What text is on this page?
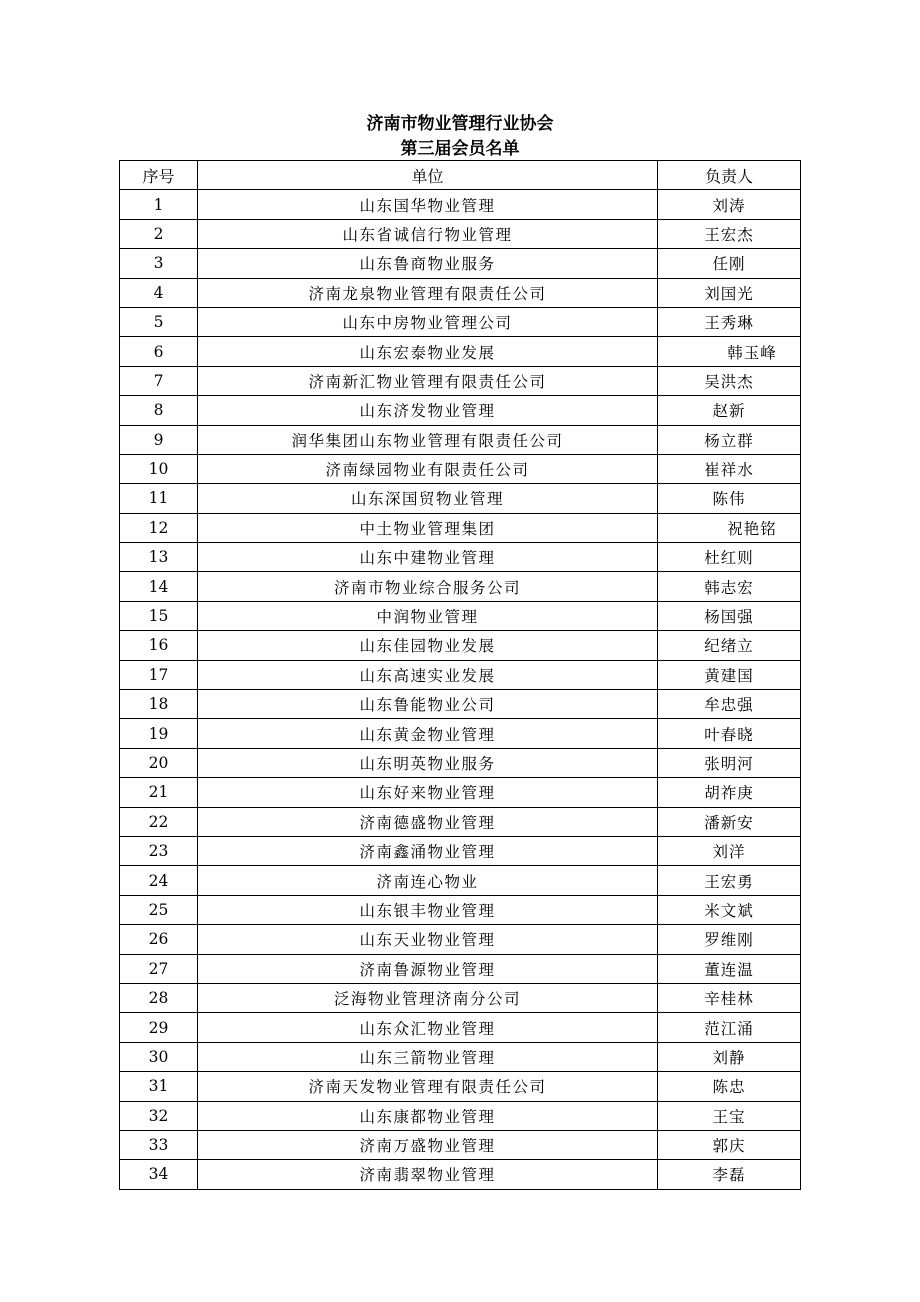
济南市物业管理行业协会
第三届会员名单
序号	单位	负责人
1	山东国华物业管理	刘涛
2	山东省诚信行物业管理	王宏杰
3	山东鲁商物业服务	任刚
4	济南龙泉物业管理有限责任公司	刘国光
5	山东中房物业管理公司	王秀琳
6	山东宏泰物业发展	韩玉峰
7	济南新汇物业管理有限责任公司	吴洪杰
8	山东济发物业管理	赵新
9	润华集团山东物业管理有限责任公司	杨立群
10	济南绿园物业有限责任公司	崔祥水
11	山东深国贸物业管理	陈伟
12	中土物业管理集团	祝艳铭
13	山东中建物业管理	杜红则
14	济南市物业综合服务公司	韩志宏
15	中润物业管理	杨国强
16	山东佳园物业发展	纪绪立
17	山东高速实业发展	黄建国
18	山东鲁能物业公司	牟忠强
19	山东黄金物业管理	叶春晓
20	山东明英物业服务	张明河
21	山东好来物业管理	胡祚庚
22	济南德盛物业管理	潘新安
23	济南鑫涌物业管理	刘洋
24	济南连心物业	王宏勇
25	山东银丰物业管理	米文斌
26	山东天业物业管理	罗维刚
27	济南鲁源物业管理	董连温
28	泛海物业管理济南分公司	辛桂林
29	山东众汇物业管理	范江涌
30	山东三箭物业管理	刘静
31	济南天发物业管理有限责任公司	陈忠
32	山东康都物业管理	王宝
33	济南万盛物业管理	郭庆
34	济南翡翠物业管理	李磊
